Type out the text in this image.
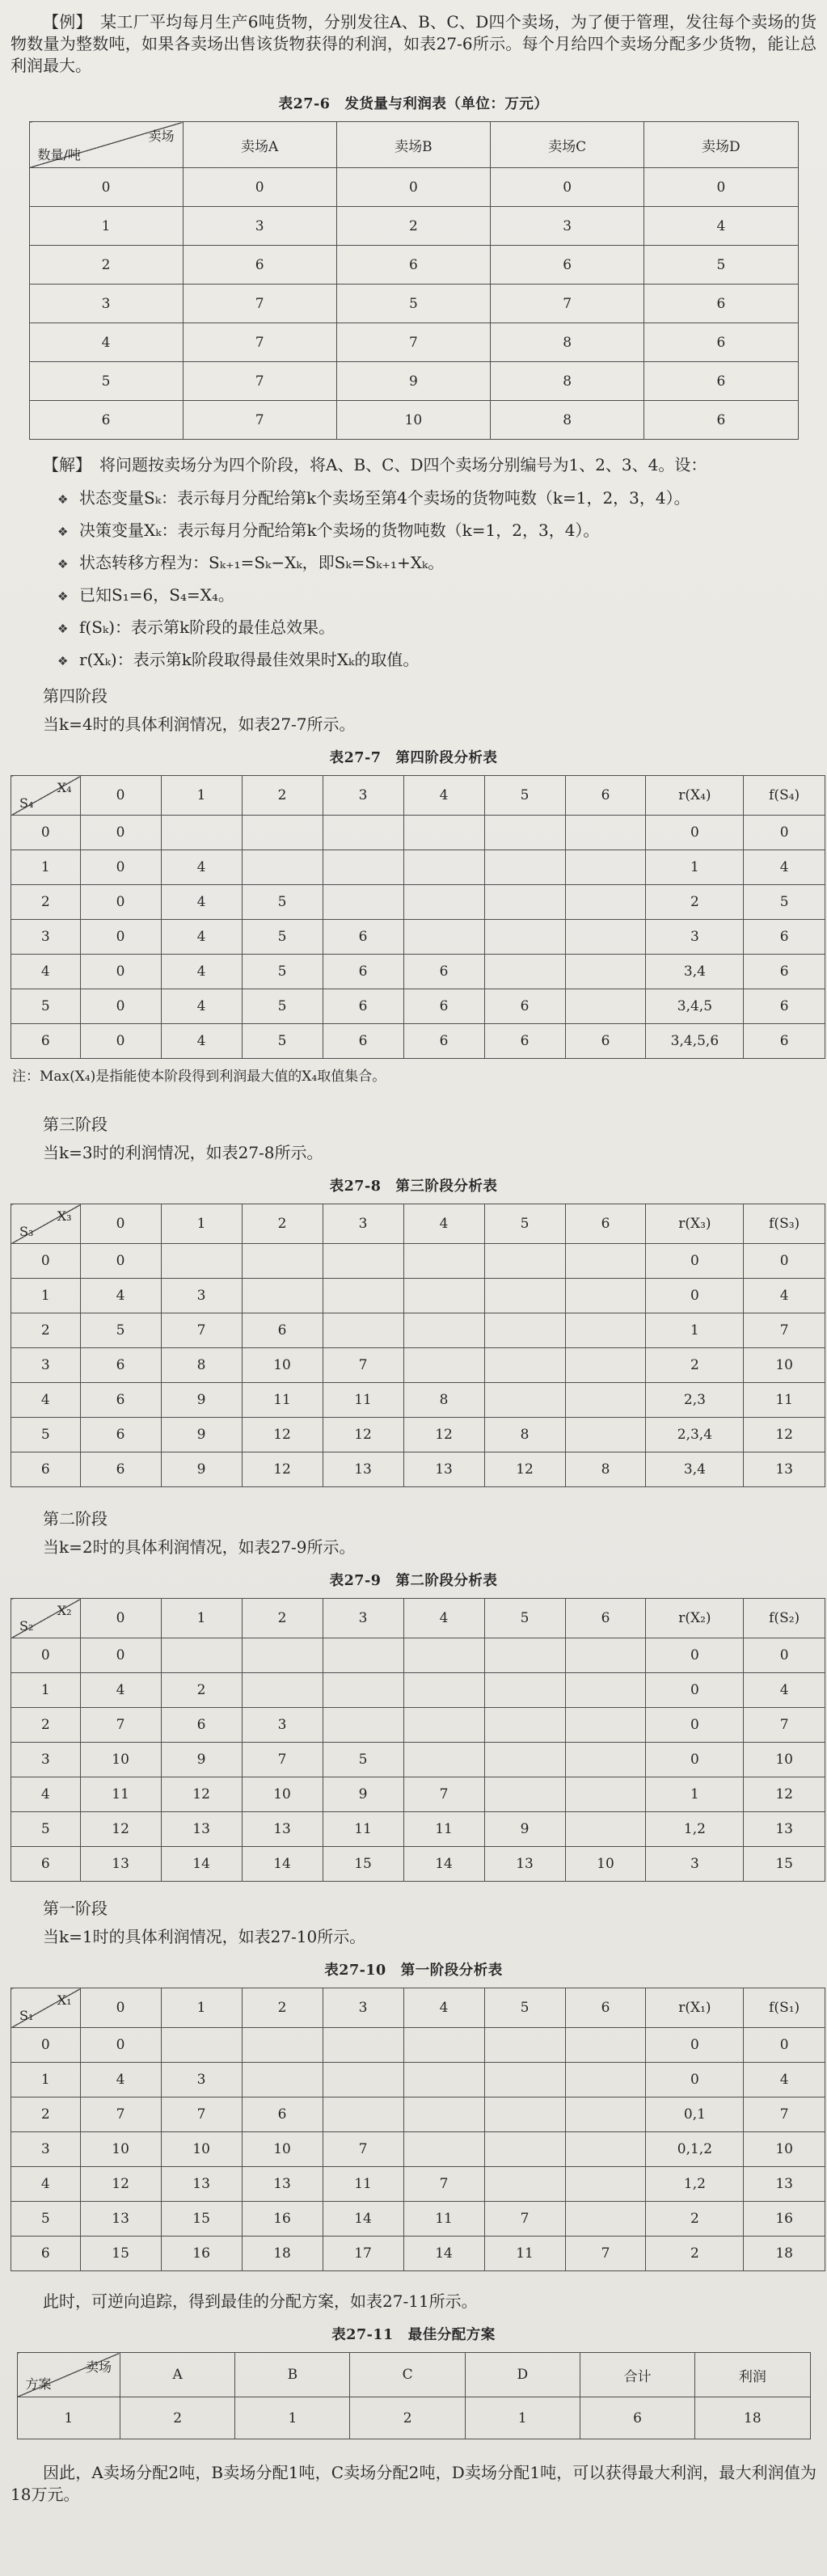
【例】　某工厂平均每月生产6吨货物，分别发往A、B、C、D四个卖场，为了便于管理，发往每个卖场的货物数量为整数吨，如果各卖场出售该货物获得的利润，如表27-6所示。每个月给四个卖场分配多少货物，能让总利润最大。

表27-6　发货量与利润表（单位：万元）
卖场
数量/吨	卖场A	卖场B	卖场C	卖场D
0	0	0	0	0
1	3	2	3	4
2	6	6	6	5
3	7	5	7	6
4	7	7	8	6
5	7	9	8	6
6	7	10	8	6

【解】　将问题按卖场分为四个阶段，将A、B、C、D四个卖场分别编号为1、2、3、4。设：

❖ 状态变量Sₖ：表示每月分配给第k个卖场至第4个卖场的货物吨数（k=1，2，3，4）。
❖ 决策变量Xₖ：表示每月分配给第k个卖场的货物吨数（k=1，2，3，4）。
❖ 状态转移方程为：Sₖ₊₁=Sₖ−Xₖ，即Sₖ=Sₖ₊₁+Xₖ。
❖ 已知S₁=6，S₄=X₄。
❖ f(Sₖ)：表示第k阶段的最佳总效果。
❖ r(Xₖ)：表示第k阶段取得最佳效果时Xₖ的取值。

第四阶段

当k=4时的具体利润情况，如表27-7所示。

表27-7　第四阶段分析表
X₄
S₄	0	1	2	3	4	5	6	r(X₄)	f(S₄)
0	0							0	0
1	0	4						1	4
2	0	4	5					2	5
3	0	4	5	6				3	6
4	0	4	5	6	6			3,4	6
5	0	4	5	6	6	6		3,4,5	6
6	0	4	5	6	6	6	6	3,4,5,6	6

注：Max(X₄)是指能使本阶段得到利润最大值的X₄取值集合。

第三阶段

当k=3时的利润情况，如表27-8所示。

表27-8　第三阶段分析表
X₃
S₃	0	1	2	3	4	5	6	r(X₃)	f(S₃)
0	0							0	0
1	4	3						0	4
2	5	7	6					1	7
3	6	8	10	7				2	10
4	6	9	11	11	8			2,3	11
5	6	9	12	12	12	8		2,3,4	12
6	6	9	12	13	13	12	8	3,4	13

第二阶段

当k=2时的具体利润情况，如表27-9所示。

表27-9　第二阶段分析表
X₂
S₂	0	1	2	3	4	5	6	r(X₂)	f(S₂)
0	0							0	0
1	4	2						0	4
2	7	6	3					0	7
3	10	9	7	5				0	10
4	11	12	10	9	7			1	12
5	12	13	13	11	11	9		1,2	13
6	13	14	14	15	14	13	10	3	15

第一阶段

当k=1时的具体利润情况，如表27-10所示。

表27-10　第一阶段分析表
X₁
S₁	0	1	2	3	4	5	6	r(X₁)	f(S₁)
0	0							0	0
1	4	3						0	4
2	7	7	6					0,1	7
3	10	10	10	7				0,1,2	10
4	12	13	13	11	7			1,2	13
5	13	15	16	14	11	7		2	16
6	15	16	18	17	14	11	7	2	18

此时，可逆向追踪，得到最佳的分配方案，如表27-11所示。

表27-11　最佳分配方案
卖场
方案	A	B	C	D	合计	利润
1	2	1	2	1	6	18

因此，A卖场分配2吨，B卖场分配1吨，C卖场分配2吨，D卖场分配1吨，可以获得最大利润，最大利润值为18万元。
